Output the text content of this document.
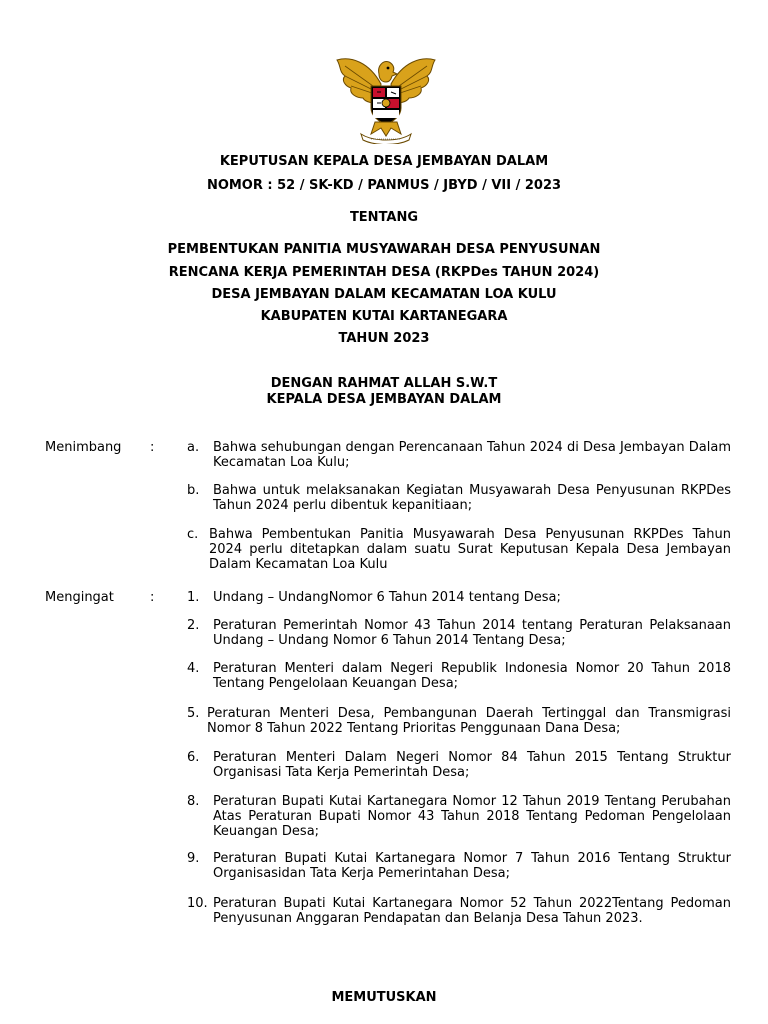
KEPUTUSAN KEPALA DESA JEMBAYAN DALAM
NOMOR : 52 / SK-KD / PANMUS / JBYD / VII / 2023
TENTANG
PEMBENTUKAN PANITIA MUSYAWARAH DESA PENYUSUNAN
RENCANA KERJA PEMERINTAH DESA (RKPDes TAHUN 2024)
DESA JEMBAYAN DALAM KECAMATAN LOA KULU
KABUPATEN KUTAI KARTANEGARA
TAHUN 2023
DENGAN RAHMAT ALLAH S.W.T
KEPALA DESA JEMBAYAN DALAM
Menimbang :	a. Bahwa sehubungan dengan Perencanaan Tahun 2024 di Desa Jembayan Dalam Kecamatan Loa Kulu;
b. Bahwa untuk melaksanakan Kegiatan Musyawarah Desa Penyusunan RKPDes Tahun 2024 perlu dibentuk kepanitiaan;
c. Bahwa Pembentukan Panitia Musyawarah Desa Penyusunan RKPDes Tahun 2024 perlu ditetapkan dalam suatu Surat Keputusan Kepala Desa Jembayan Dalam Kecamatan Loa Kulu
Mengingat	:	1. Undang – UndangNomor 6 Tahun 2014 tentang Desa;
2. Peraturan Pemerintah Nomor 43 Tahun 2014 tentang Peraturan Pelaksanaan Undang – Undang Nomor 6 Tahun 2014 Tentang Desa;
4. Peraturan Menteri dalam Negeri Republik Indonesia Nomor 20 Tahun 2018 Tentang Pengelolaan Keuangan Desa;
5. Peraturan Menteri Desa, Pembangunan Daerah Tertinggal dan Transmigrasi Nomor 8 Tahun 2022 Tentang Prioritas Penggunaan Dana Desa;
6. Peraturan Menteri Dalam Negeri Nomor 84 Tahun 2015 Tentang Struktur Organisasi Tata Kerja Pemerintah Desa;
8. Peraturan Bupati Kutai Kartanegara Nomor 12 Tahun 2019 Tentang Perubahan Atas Peraturan Bupati Nomor 43 Tahun 2018 Tentang Pedoman Pengelolaan Keuangan Desa;
9. Peraturan Bupati Kutai Kartanegara Nomor 7 Tahun 2016 Tentang Struktur Organisasidan Tata Kerja Pemerintahan Desa;
10. Peraturan Bupati Kutai Kartanegara Nomor 52 Tahun 2022Tentang Pedoman Penyusunan Anggaran Pendapatan dan Belanja Desa Tahun 2023.
MEMUTUSKAN
